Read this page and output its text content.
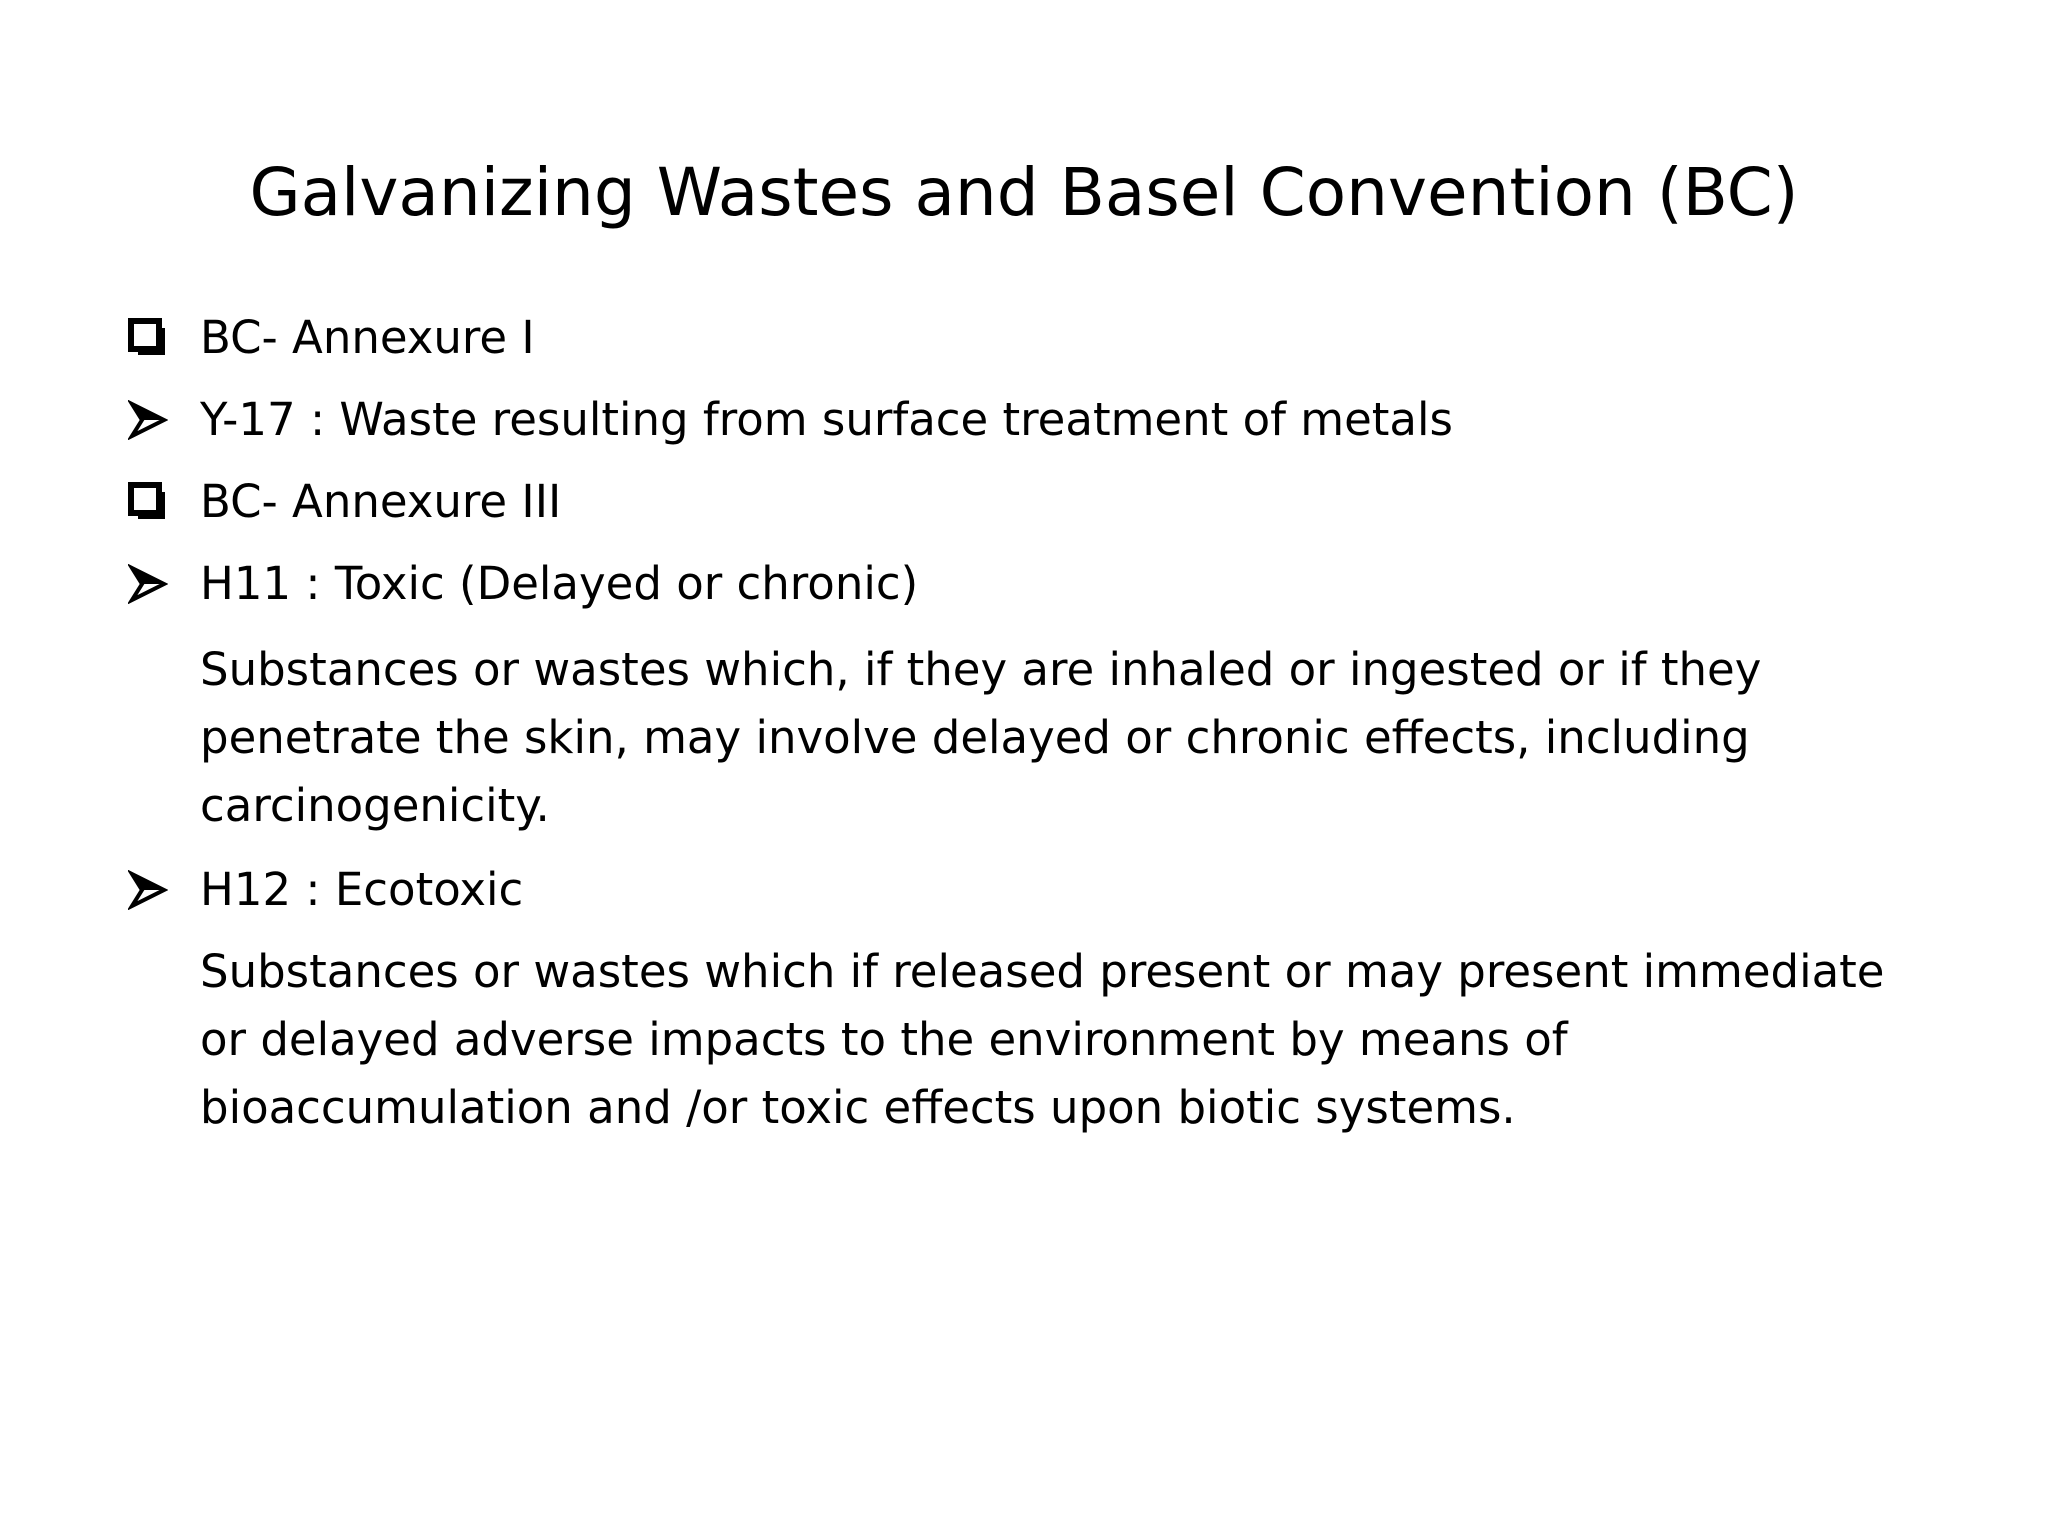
Galvanizing Wastes and Basel Convention (BC)
BC- Annexure I
Y-17 : Waste resulting from surface treatment of metals
BC- Annexure III
H11 : Toxic (Delayed or chronic)
Substances or wastes which, if they are inhaled or ingested or if they
penetrate the skin, may involve delayed or chronic effects, including
carcinogenicity.
H12 : Ecotoxic
Substances or wastes which if released present or may present immediate
or delayed adverse impacts to the environment by means of
bioaccumulation and /or toxic effects upon biotic systems.
